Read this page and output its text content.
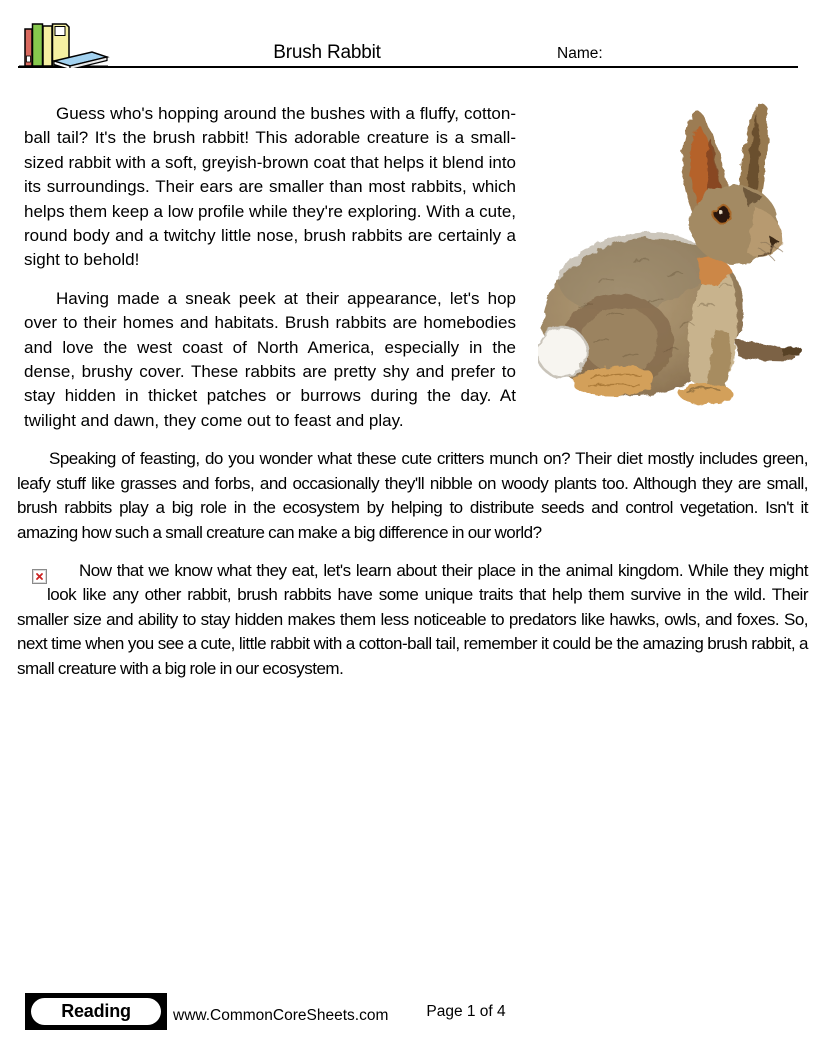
Brush Rabbit	Name:

Guess who's hopping around the bushes with a fluffy, cotton-ball tail? It's the brush rabbit! This adorable creature is a small-sized rabbit with a soft, greyish-brown coat that helps it blend into its surroundings. Their ears are smaller than most rabbits, which helps them keep a low profile while they're exploring. With a cute, round body and a twitchy little nose, brush rabbits are certainly a sight to behold!

Having made a sneak peek at their appearance, let's hop over to their homes and habitats. Brush rabbits are homebodies and love the west coast of North America, especially in the dense, brushy cover. These rabbits are pretty shy and prefer to stay hidden in thicket patches or burrows during the day. At twilight and dawn, they come out to feast and play.

Speaking of feasting, do you wonder what these cute critters munch on? Their diet mostly includes green, leafy stuff like grasses and forbs, and occasionally they'll nibble on woody plants too. Although they are small, brush rabbits play a big role in the ecosystem by helping to distribute seeds and control vegetation. Isn't it amazing how such a small creature can make a big difference in our world?

Now that we know what they eat, let's learn about their place in the animal kingdom. While they might look like any other rabbit, brush rabbits have some unique traits that help them survive in the wild. Their smaller size and ability to stay hidden makes them less noticeable to predators like hawks, owls, and foxes. So, next time when you see a cute, little rabbit with a cotton-ball tail, remember it could be the amazing brush rabbit, a small creature with a big role in our ecosystem.

Reading	www.CommonCoreSheets.com Page 1 of 4
